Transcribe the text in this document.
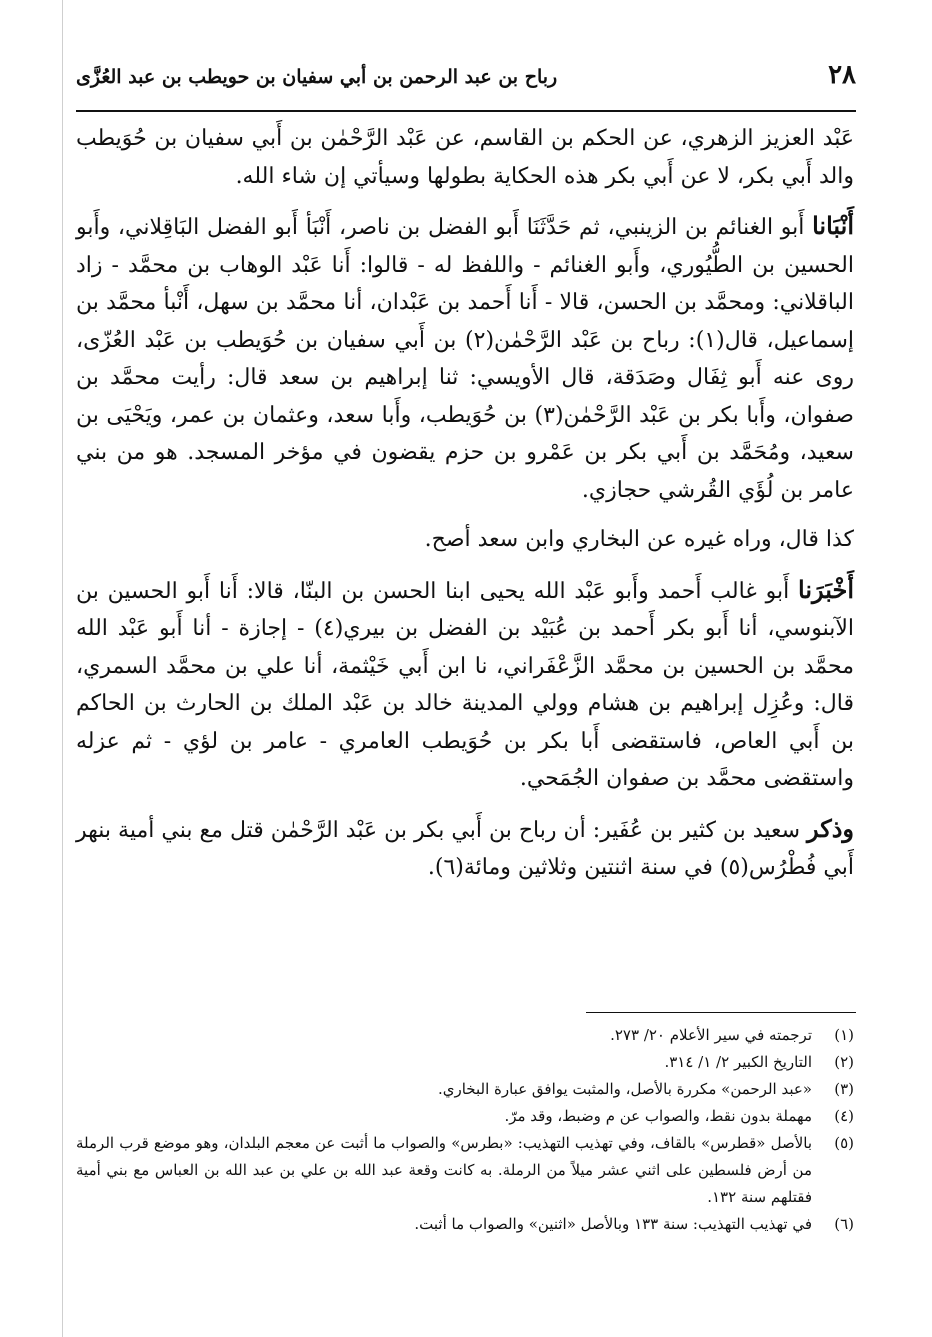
٢٨
رباح بن عبد الرحمن بن أبي سفيان بن حويطب بن عبد العُزَّى

عَبْد العزيز الزهري، عن الحكم بن القاسم، عن عَبْد الرَّحْمٰن بن أَبي سفيان بن حُوَيطب والد أَبي بكر، لا عن أَبي بكر هذه الحكاية بطولها وسيأتي إن شاء الله.

أَنْبَانا أَبو الغنائم بن الزينبي، ثم حَدَّثَنَا أَبو الفضل بن ناصر، أَنْبَأ أَبو الفضل البَاقِلاني، وأَبو الحسين بن الطُّيُوري، وأَبو الغنائم - واللفظ له - قالوا: أَنا عَبْد الوهاب بن محمَّد - زاد الباقلاني: ومحمَّد بن الحسن، قالا - أَنا أَحمد بن عَبْدان، أنا محمَّد بن سهل، أَنْبأ محمَّد بن إسماعيل، قال(١): رباح بن عَبْد الرَّحْمٰن(٢) بن أَبي سفيان بن حُوَيطب بن عَبْد العُزّى، روى عنه أَبو ثِفَال وصَدَقة، قال الأويسي: ثنا إبراهيم بن سعد قال: رأيت محمَّد بن صفوان، وأَبا بكر بن عَبْد الرَّحْمٰن(٣) بن حُوَيطب، وأَبا سعد، وعثمان بن عمر، ويَحْيَى بن سعيد، ومُحَمَّد بن أَبي بكر بن عَمْرو بن حزم يقضون في مؤخر المسجد. هو من بني عامر بن لُؤَي القُرشي حجازي.

كذا قال، وراه غيره عن البخاري وابن سعد أصح.

أَخْبَرَنا أَبو غالب أَحمد وأَبو عَبْد الله يحيى ابنا الحسن بن البنّا، قالا: أَنا أَبو الحسين بن الآبنوسي، أنا أَبو بكر أَحمد بن عُبَيْد بن الفضل بن بيري(٤) - إجازة - أنا أَبو عَبْد الله محمَّد بن الحسين بن محمَّد الزَّعْفَراني، نا ابن أَبي خَيْثمة، أنا علي بن محمَّد السمري، قال: وعُزِل إبراهيم بن هشام وولي المدينة خالد بن عَبْد الملك بن الحارث بن الحاكم بن أَبي العاص، فاستقضى أَبا بكر بن حُوَيطب العامري - عامر بن لؤي - ثم عزله واستقضى محمَّد بن صفوان الجُمَحي.

وذكر سعيد بن كثير بن عُفَير: أن رباح بن أَبي بكر بن عَبْد الرَّحْمٰن قتل مع بني أمية بنهر أَبي فُطْرُس(٥) في سنة اثنتين وثلاثين ومائة(٦).

(١)
ترجمته في سير الأعلام ٢٠/ ٢٧٣.
(٢)
التاريخ الكبير ٢/ ١/ ٣١٤.
(٣)
«عبد الرحمن» مكررة بالأصل، والمثبت يوافق عبارة البخاري.
(٤)
مهملة بدون نقط، والصواب عن م وضبط، وقد مرّ.
(٥)
بالأصل «قطرس» بالقاف، وفي تهذيب التهذيب: «بطرس» والصواب ما أثبت عن معجم البلدان، وهو موضع قرب الرملة من أرض فلسطين على اثني عشر ميلاً من الرملة. به كانت وقعة عبد الله بن علي بن عبد الله بن العباس مع بني أمية فقتلهم سنة ١٣٢.
(٦)
في تهذيب التهذيب: سنة ١٣٣ وبالأصل «اثنين» والصواب ما أثبت.
